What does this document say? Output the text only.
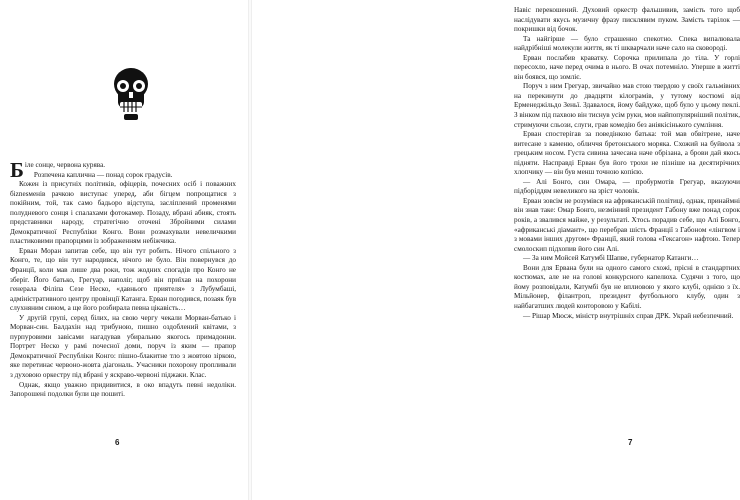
Біле сонце, червона курява.

Розпечена каплична — понад сорок градусів.

Кожен із присутніх політиків, офіцерів, почесних осіб і поважних біznesменів рачкою виступає уперед, аби бігцем попрощатися з покійним, той, так само бадьоро відступа, засліплений променями полудневого сонця і спалахами фотокамер. Позаду, вбрані абияк, стоять представники народу, стратегічно оточені Збройними силами Демократичної Республіки Конго. Вони розмахували невеличкими пластиковими прапорцями із зображенням небіжчика.

Ерван Моран запитав себе, що він тут робить. Нічого спільного з Конго, те, що він тут народився, нічого не було. Він повернувся до Франції, коли мав лише два роки, тож жодних спогадів про Конго не зберіг. Його батько, Грегуар, наполіг, щоб він приїхав на похорони генерала Філіпа Сезе Неско, «давнього приятеля» з Лубумбаші, адміністративного центру провінції Катанга. Ерван погодився, позаяк був слухняним сином, а ще його розбирала певна цікавість…

У другій групі, серед білих, на свою чергу чекали Морван-батько і Морван-син. Балдахін над трибуною, пишно оздоблений квітами, з пурпуровими завісами нагадував убиральню якогось примадонни. Портрет Неско у рамі почесної доми, поруч із яким — прапор Демократичної Республіки Конго: пішно-блакитне тло з жовтою зіркою, яке перетинає червоно-жовта діагональ. Учасники похорону пропливали з духовою оркестру під вбрані у яскраво-червоні піджаки. Клас.

Однак, якщо уважно придивитися, в око впадуть певні недоліки. Запорошені подолки були ще пошиті.

6

Навіс перекошений. Духовий оркестр фальшивив, замість того щоб наслідувати якусь музичну фразу писклявим пуком. Замість тарілок — покришки від бочок.

Та найгірше — було страшенно спекотно. Спека випалювала найдрібніші молекули життя, як ті шкварчали наче сало на сковороді.

Ерван послабив краватку. Сорочка прилипала до тіла. У горлі пересохло, наче перед очима в нього. В очах потемніло. Уперше в житті він боявся, що зомліє.

Поруч з ним Грегуар, звичайно мав стою твердою у своїх гальмівних на перекинути до двадцяти кілограмів, у тутому костюмі від Ерменеджільдо Зеньї. Здавалося, йому байдуже, щоб було у цьому пеклі. З вінком під пахвою він тиснув усім руки, мов найпопулярніший політик, стримуючи сльози, слуги, грав комедію без аніякісінького сумління.

Ерван спостерігав за поведінкою батька: той мав обвітрене, наче витесане з каменю, обличчя бретонського моряка. Схожий на буйвола з грецьким носом. Густа сивина зачесана наче обрізана, а брови дай якось підняти. Насправді Ерван був його трохи не пізніше на десятирічних хлопчику — він був менш точною копією.

— Алі Бонго, син Омара, — пробурмотів Грегуар, вказуючи підборіддям невеликого на зріст чоловік.

Ерван зовсім не розумівся на африканській політиці, однак, принаймні він знав таке: Омар Бонго, незмінний президент Габону вже понад сорок років, а звалився майже, у результаті. Хтось порадив себе, що Алі Бонго, «африканські діамант», що перебрав шість Франції з Габоном «лінгвом і з мовами інших другом» Франції, який голова «Гексагон» нафтою. Тепер смолоскип підхопив його син Алі.

— За ним Мойсей Катумбі Шапве, губернатор Катанги…

Вони для Ервана були на одного самого схожі, прісні в стандартних костюмах, але не на голові конкурсного капелюха. Судячи з того, що йому розповідали, Катумбі був не вплиовою у якого клубі, однією з їх. Мільйонер, філантроп, президент футбольного клубу, один з найбагатших людей конторовою у Кабілі.

— Рішар Мюсж, міністр внутрішніх справ ДРК. Украй небезпечний.

7
